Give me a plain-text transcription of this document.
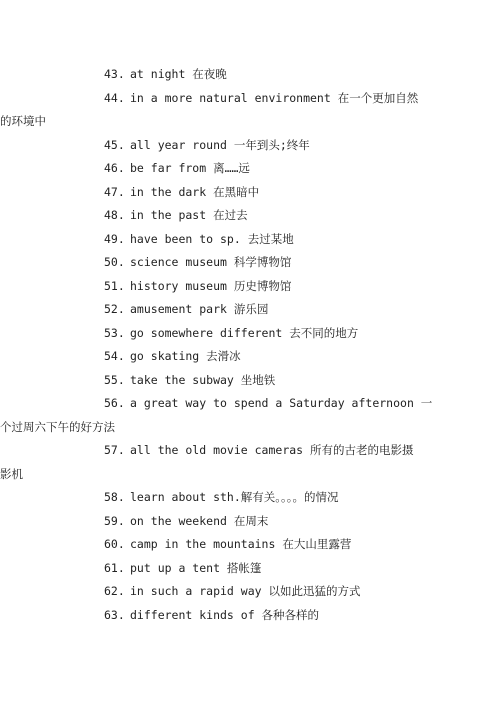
43. at night 在夜晚
44. in a more natural environment 在一个更加自然
的环境中
45. all year round 一年到头;终年
46. be far from 离……远
47. in the dark 在黑暗中
48. in the past 在过去
49. have been to sp. 去过某地
50. science museum 科学博物馆
51. history museum 历史博物馆
52. amusement park 游乐园
53. go somewhere different 去不同的地方
54. go skating 去滑冰
55. take the subway 坐地铁
56. a great way to spend a Saturday afternoon 一
个过周六下午的好方法
57. all the old movie cameras 所有的古老的电影摄
影机
58. learn about sth.解有关。。。。的情况
59. on the weekend 在周末
60. camp in the mountains 在大山里露营
61. put up a tent 搭帐篷
62. in such a rapid way 以如此迅猛的方式
63. different kinds of 各种各样的
